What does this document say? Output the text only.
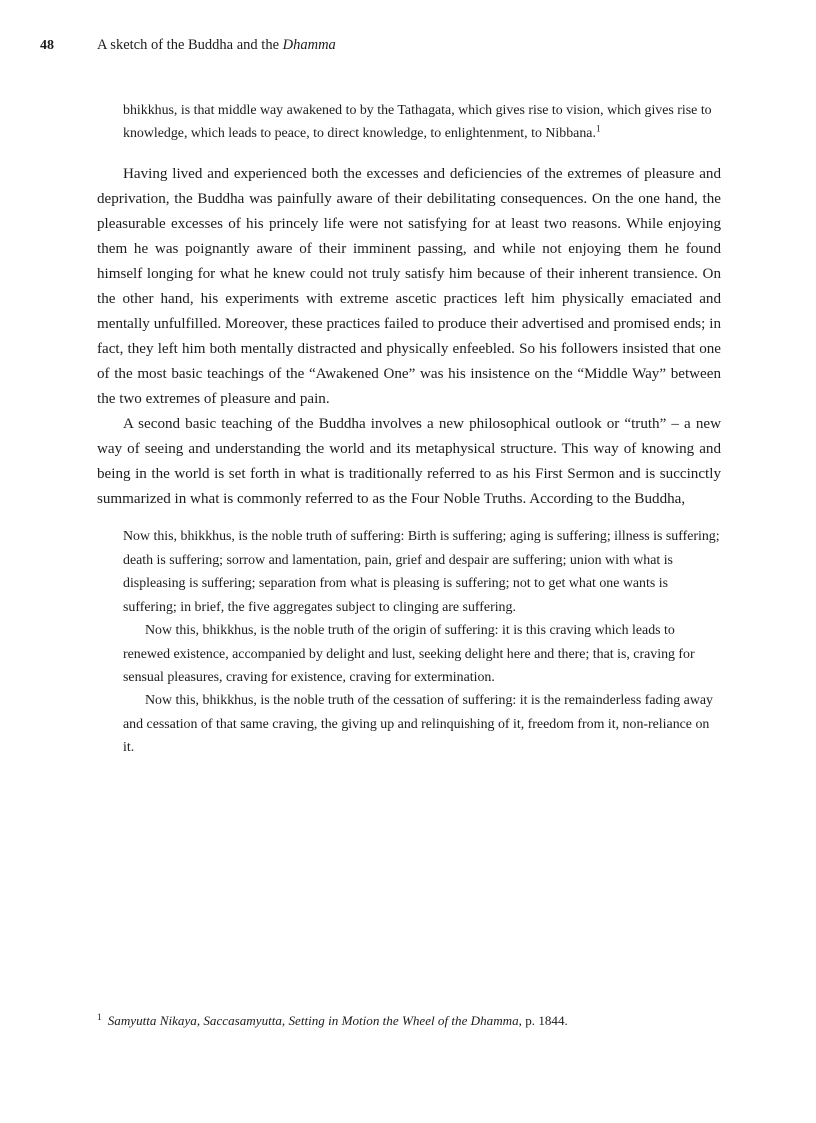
48	A sketch of the Buddha and the Dhamma

bhikkhus, is that middle way awakened to by the Tathagata, which gives rise to vision, which gives rise to knowledge, which leads to peace, to direct knowledge, to enlightenment, to Nibbana.$^1$

Having lived and experienced both the excesses and deficiencies of the extremes of pleasure and deprivation, the Buddha was painfully aware of their debilitating consequences. On the one hand, the pleasurable excesses of his princely life were not satisfying for at least two reasons. While enjoying them he was poignantly aware of their imminent passing, and while not enjoying them he found himself longing for what he knew could not truly satisfy him because of their inherent transience. On the other hand, his experiments with extreme ascetic practices left him physically emaciated and mentally unfulfilled. Moreover, these practices failed to produce their advertised and promised ends; in fact, they left him both mentally distracted and physically enfeebled. So his followers insisted that one of the most basic teachings of the “Awakened One” was his insistence on the “Middle Way” between the two extremes of pleasure and pain.

A second basic teaching of the Buddha involves a new philosophical outlook or “truth” – a new way of seeing and understanding the world and its metaphysical structure. This way of knowing and being in the world is set forth in what is traditionally referred to as his First Sermon and is succinctly summarized in what is commonly referred to as the Four Noble Truths. According to the Buddha,

Now this, bhikkhus, is the noble truth of suffering: Birth is suffering; aging is suffering; illness is suffering; death is suffering; sorrow and lamentation, pain, grief and despair are suffering; union with what is displeasing is suffering; separation from what is pleasing is suffering; not to get what one wants is suffering; in brief, the five aggregates subject to clinging are suffering.

Now this, bhikkhus, is the noble truth of the origin of suffering: it is this craving which leads to renewed existence, accompanied by delight and lust, seeking delight here and there; that is, craving for sensual pleasures, craving for existence, craving for extermination.

Now this, bhikkhus, is the noble truth of the cessation of suffering: it is the remainderless fading away and cessation of that same craving, the giving up and relinquishing of it, freedom from it, non-reliance on it.

$^1$ Samyutta Nikaya, Saccasamyutta, Setting in Motion the Wheel of the Dhamma, p. 1844.
